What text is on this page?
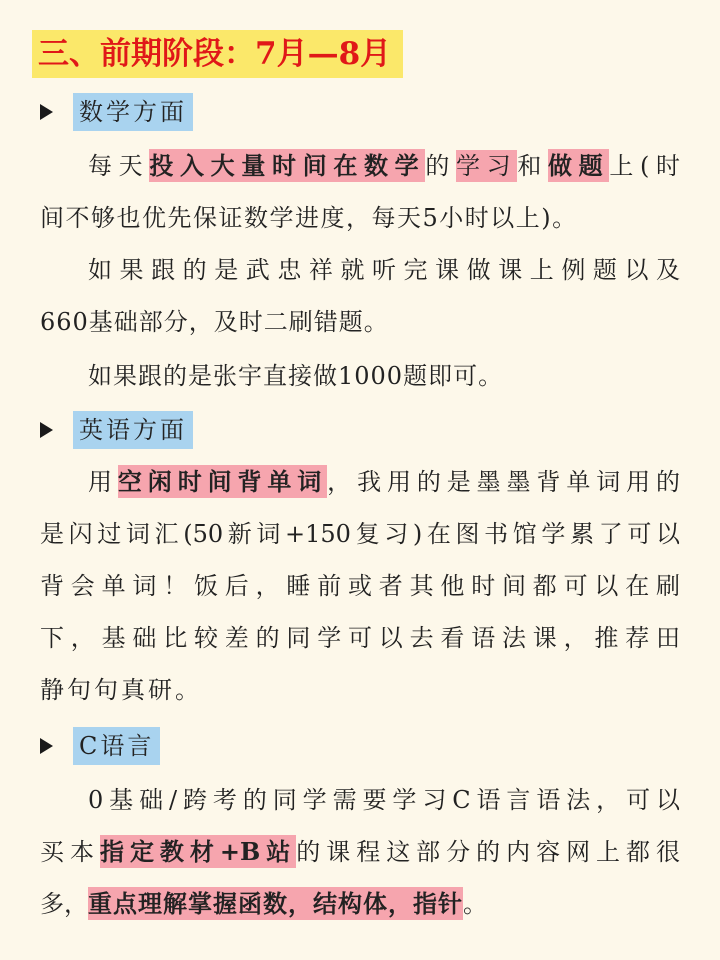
三、前期阶段：7月—8月
数学方面
每天投入大量时间在数学的学习和做题上(时
间不够也优先保证数学进度，每天5小时以上)。
如果跟的是武忠祥就听完课做课上例题以及
660基础部分，及时二刷错题。
如果跟的是张宇直接做1000题即可。
英语方面
用空闲时间背单词，我用的是墨墨背单词用的
是闪过词汇(50新词+150复习)在图书馆学累了可以
背会单词！饭后，睡前或者其他时间都可以在刷
下，基础比较差的同学可以去看语法课，推荐田
静句句真研。
C语言
0基础/跨考的同学需要学习C语言语法，可以
买本指定教材+B站的课程这部分的内容网上都很
多，重点理解掌握函数，结构体，指针。
